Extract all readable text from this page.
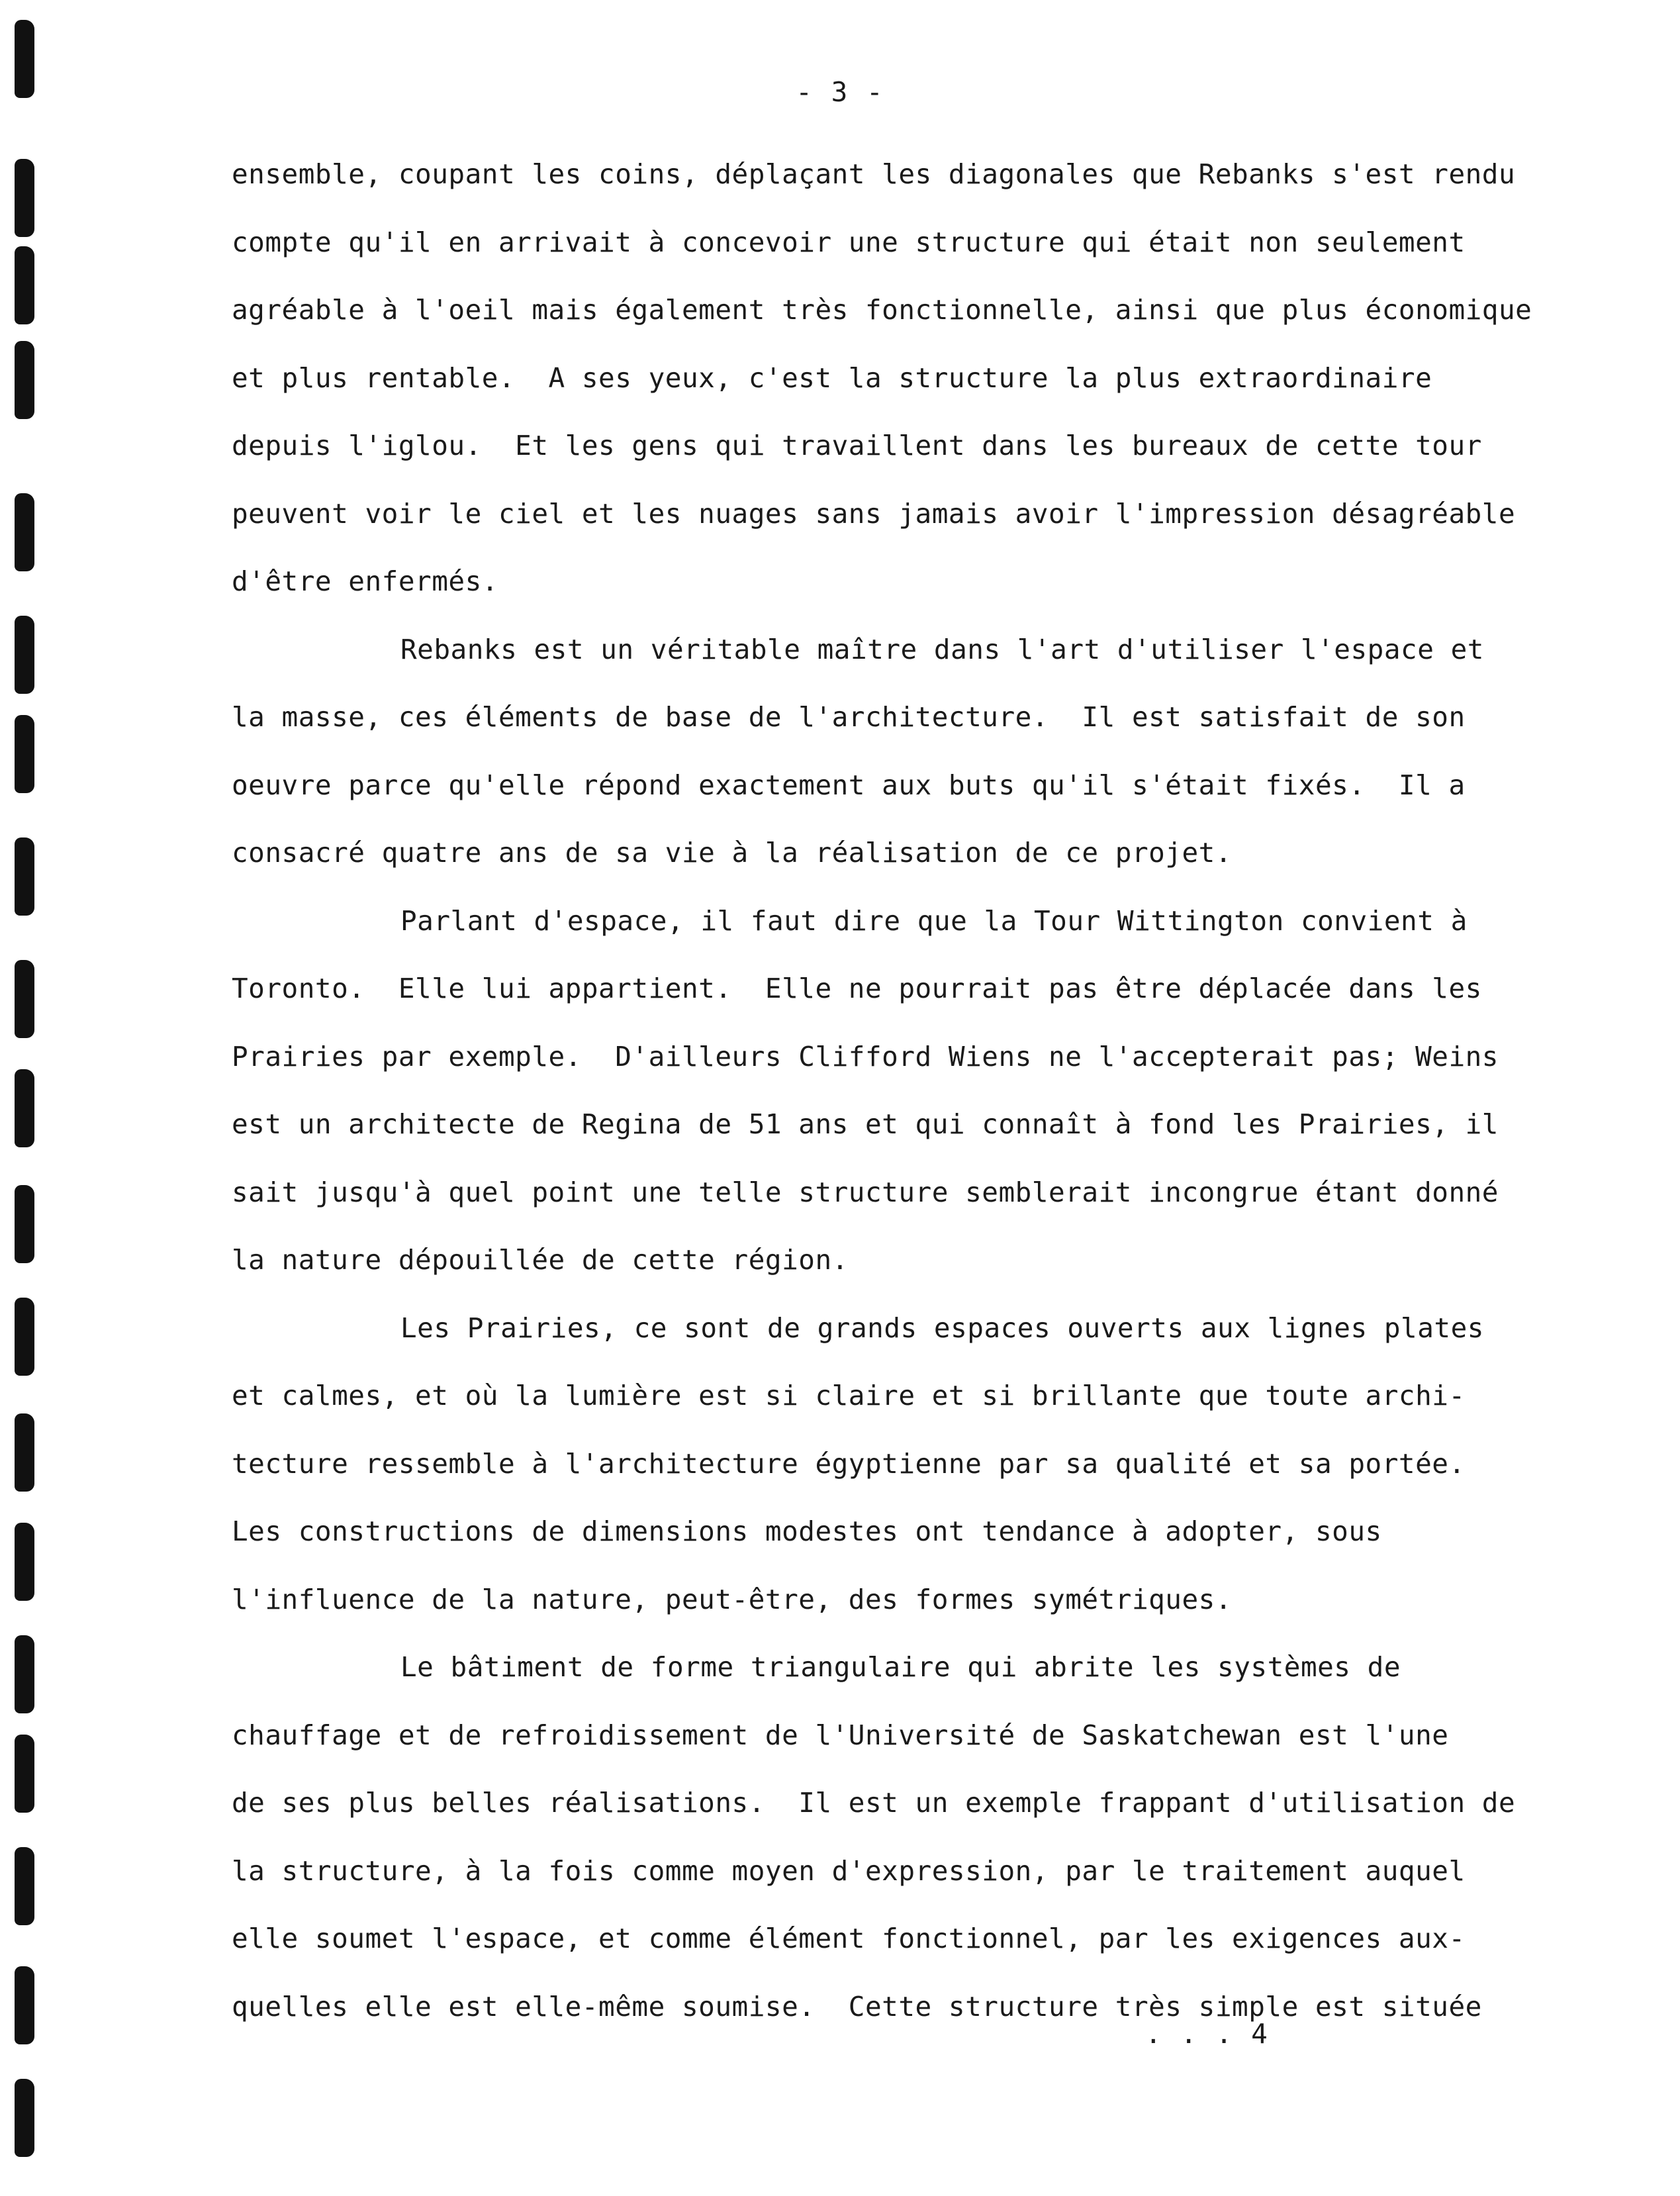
- 3 -
ensemble, coupant les coins, déplaçant les diagonales que Rebanks s'est rendu
compte qu'il en arrivait à concevoir une structure qui était non seulement
agréable à l'oeil mais également très fonctionnelle, ainsi que plus économique
et plus rentable.  A ses yeux, c'est la structure la plus extraordinaire
depuis l'iglou.  Et les gens qui travaillent dans les bureaux de cette tour
peuvent voir le ciel et les nuages sans jamais avoir l'impression désagréable
d'être enfermés.
Rebanks est un véritable maître dans l'art d'utiliser l'espace et
la masse, ces éléments de base de l'architecture.  Il est satisfait de son
oeuvre parce qu'elle répond exactement aux buts qu'il s'était fixés.  Il a
consacré quatre ans de sa vie à la réalisation de ce projet.
Parlant d'espace, il faut dire que la Tour Wittington convient à
Toronto.  Elle lui appartient.  Elle ne pourrait pas être déplacée dans les
Prairies par exemple.  D'ailleurs Clifford Wiens ne l'accepterait pas; Weins
est un architecte de Regina de 51 ans et qui connaît à fond les Prairies, il
sait jusqu'à quel point une telle structure semblerait incongrue étant donné
la nature dépouillée de cette région.
Les Prairies, ce sont de grands espaces ouverts aux lignes plates
et calmes, et où la lumière est si claire et si brillante que toute archi-
tecture ressemble à l'architecture égyptienne par sa qualité et sa portée.
Les constructions de dimensions modestes ont tendance à adopter, sous
l'influence de la nature, peut-être, des formes symétriques.
Le bâtiment de forme triangulaire qui abrite les systèmes de
chauffage et de refroidissement de l'Université de Saskatchewan est l'une
de ses plus belles réalisations.  Il est un exemple frappant d'utilisation de
la structure, à la fois comme moyen d'expression, par le traitement auquel
elle soumet l'espace, et comme élément fonctionnel, par les exigences aux-
quelles elle est elle-même soumise.  Cette structure très simple est située
. . . 4
